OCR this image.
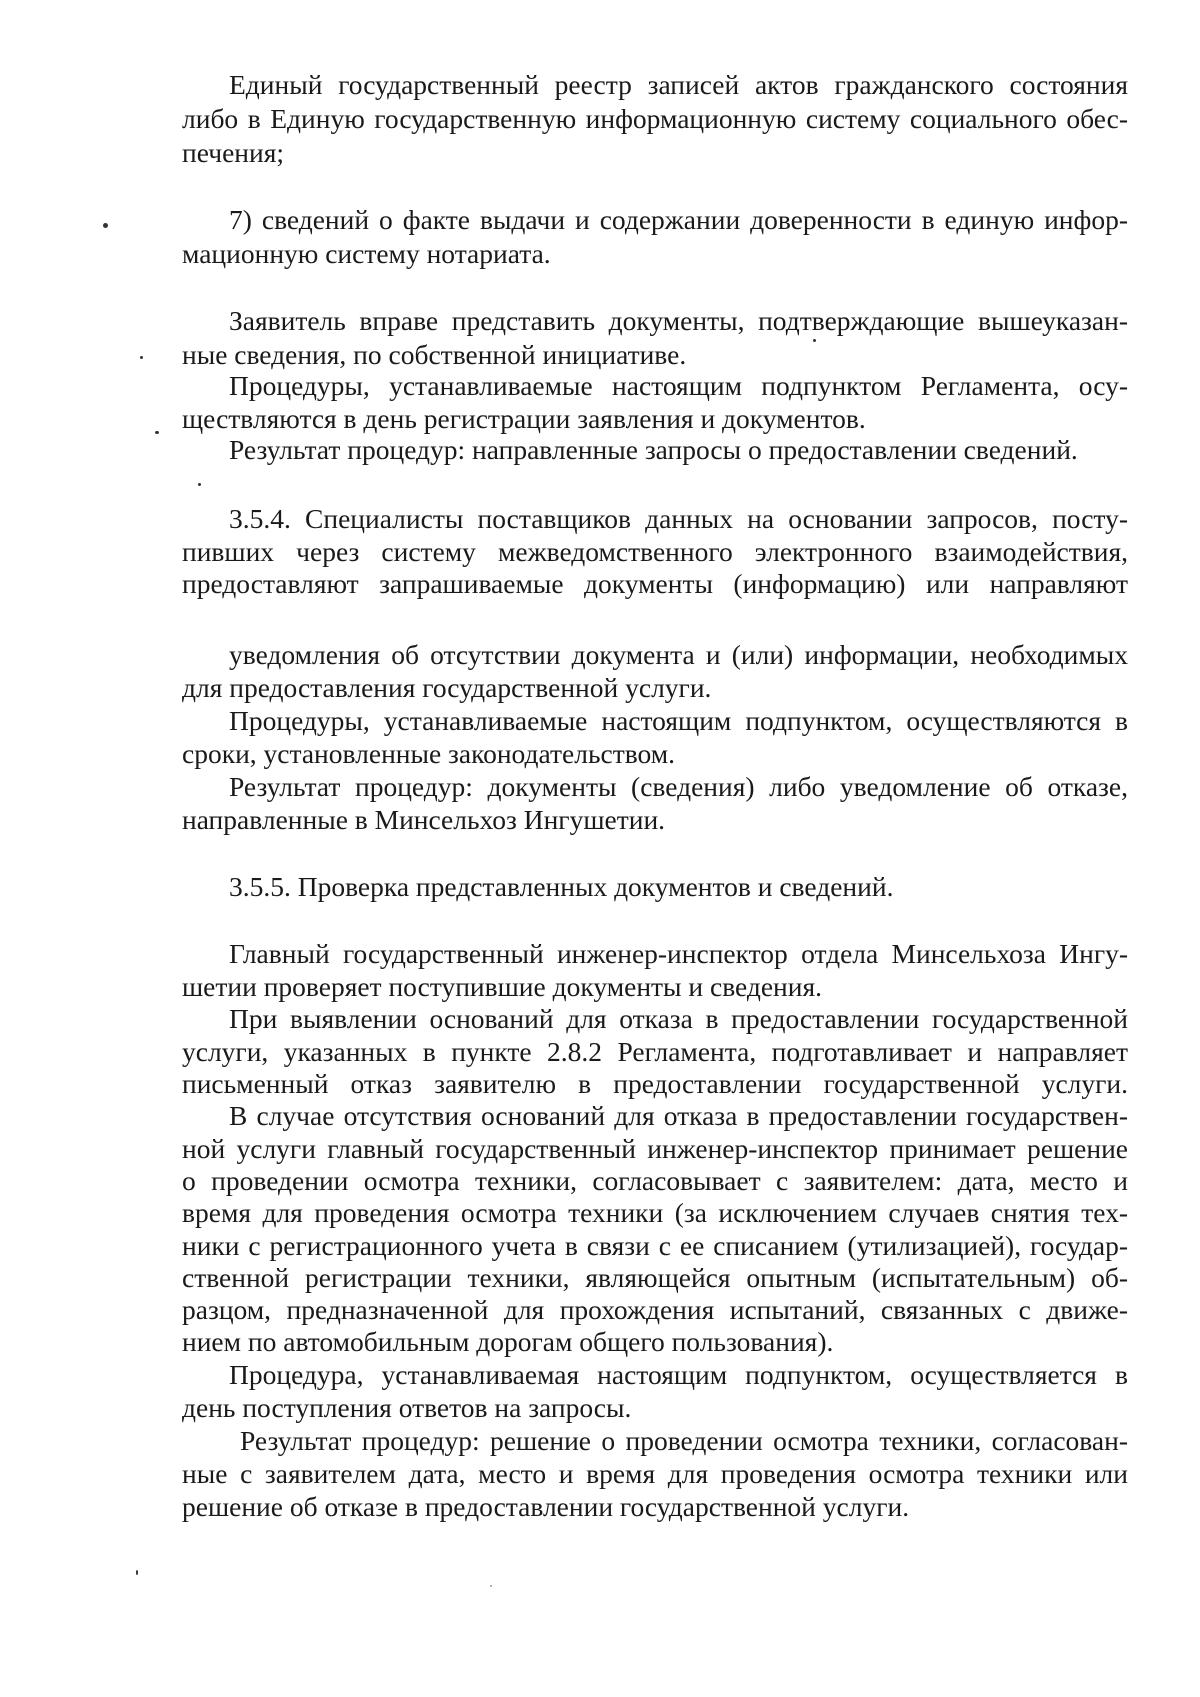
Единый государственный реестр записей актов гражданского состояния
либо в Единую государственную информационную систему социального обес-
печения;
7) сведений о факте выдачи и содержании доверенности в единую инфор-
мационную систему нотариата.
Заявитель вправе представить документы, подтверждающие вышеуказан-
ные сведения, по собственной инициативе.
Процедуры, устанавливаемые настоящим подпунктом Регламента, осу-
ществляются в день регистрации заявления и документов.
Результат процедур: направленные запросы о предоставлении сведений.
3.5.4. Специалисты поставщиков данных на основании запросов, посту-
пивших через систему межведомственного электронного взаимодействия,
предоставляют запрашиваемые документы (информацию) или направляют
уведомления об отсутствии документа и (или) информации, необходимых
для предоставления государственной услуги.
Процедуры, устанавливаемые настоящим подпунктом, осуществляются в
сроки, установленные законодательством.
Результат процедур: документы (сведения) либо уведомление об отказе,
направленные в Минсельхоз Ингушетии.
3.5.5. Проверка представленных документов и сведений.
Главный государственный инженер-инспектор отдела Минсельхоза Ингу-
шетии проверяет поступившие документы и сведения.
При выявлении оснований для отказа в предоставлении государственной
услуги, указанных в пункте 2.8.2 Регламента, подготавливает и направляет
письменный отказ заявителю в предоставлении государственной услуги.
В случае отсутствия оснований для отказа в предоставлении государствен-
ной услуги главный государственный инженер-инспектор принимает решение
о проведении осмотра техники, согласовывает с заявителем: дата, место и
время для проведения осмотра техники (за исключением случаев снятия тех-
ники с регистрационного учета в связи с ее списанием (утилизацией), государ-
ственной регистрации техники, являющейся опытным (испытательным) об-
разцом, предназначенной для прохождения испытаний, связанных с движе-
нием по автомобильным дорогам общего пользования).
Процедура, устанавливаемая настоящим подпунктом, осуществляется в
день поступления ответов на запросы.
Результат процедур: решение о проведении осмотра техники, согласован-
ные с заявителем дата, место и время для проведения осмотра техники или
решение об отказе в предоставлении государственной услуги.
